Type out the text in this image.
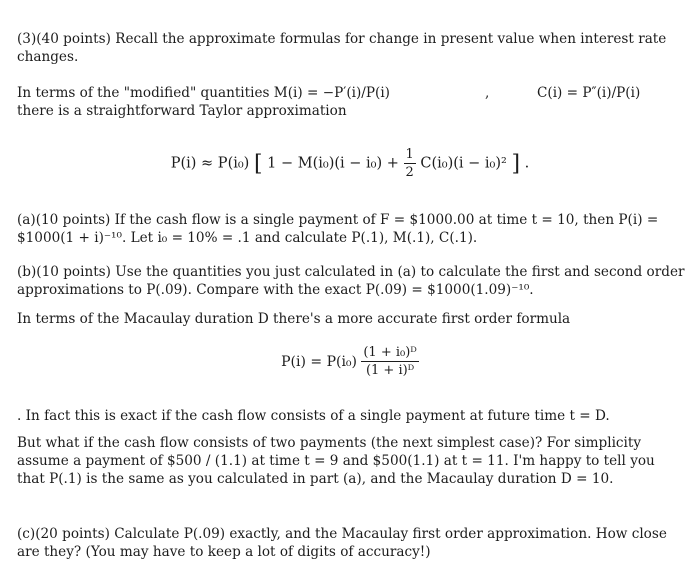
(3)(40 points) Recall the approximate formulas for change in present value when interest rate changes.

In terms of the "modified" quantities M(i) = −P′(i)/P(i)	,	C(i) = P″(i)/P(i)

there is a straightforward Taylor approximation

P(i) ≈ P(i₀) [ $1 - M(i_0)(i - i_0) + \frac{1}{2} C(i_0)(i - i_0)^2$ ] .

(a)(10 points) If the cash flow is a single payment of F = $1000.00 at time t = 10, then P(i) = $1000(1 + i)⁻¹⁰. Let i₀ = 10% = .1 and calculate P(.1), M(.1), C(.1).

(b)(10 points) Use the quantities you just calculated in (a) to calculate the first and second order approximations to P(.09). Compare with the exact P(.09) = $1000(1.09)⁻¹⁰.

In terms of the Macaulay duration D there's a more accurate first order formula

$P(i) = P(i_0) \frac{\text{(1 + i₀)ᴰ}}{\text{(1 + i)ᴰ}}$

. In fact this is exact if the cash flow consists of a single payment at future time t = D.

But what if the cash flow consists of two payments (the next simplest case)? For simplicity assume a payment of $500 / (1.1) at time t = 9 and $500(1.1) at t = 11. I'm happy to tell you that P(.1) is the same as you calculated in part (a), and the Macaulay duration D = 10.

(c)(20 points) Calculate P(.09) exactly, and the Macaulay first order approximation. How close are they? (You may have to keep a lot of digits of accuracy!)
